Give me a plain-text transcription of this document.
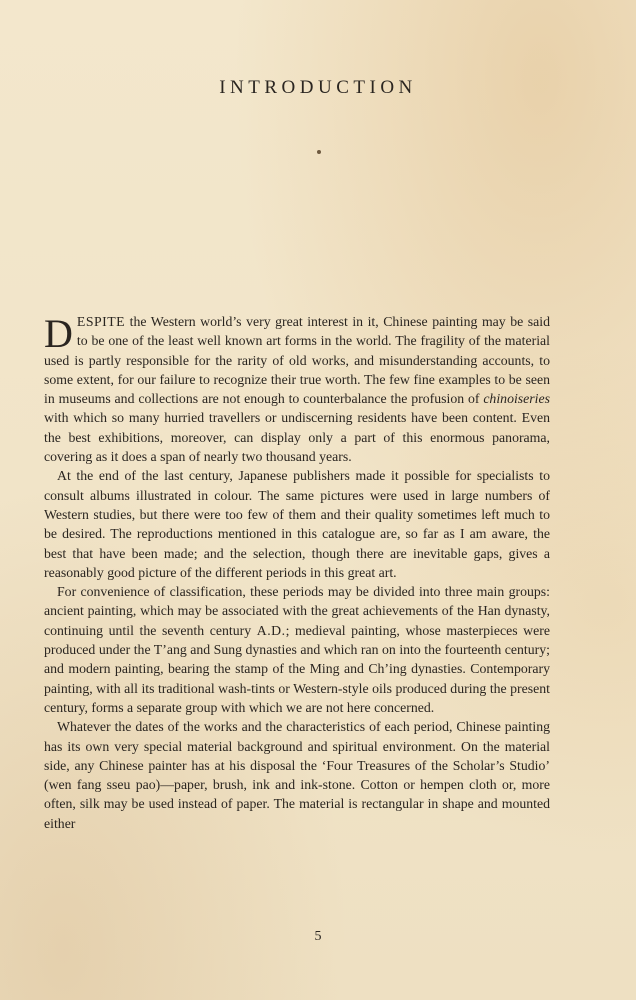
INTRODUCTION

DESPITE the Western world’s very great interest in it, Chinese painting may be said to be one of the least well known art forms in the world. The fragility of the material used is partly responsible for the rarity of old works, and misunderstanding accounts, to some extent, for our failure to recognize their true worth. The few fine examples to be seen in museums and collections are not enough to counterbalance the profusion of chinoiseries with which so many hurried travellers or undiscerning residents have been content. Even the best exhibitions, moreover, can display only a part of this enormous panorama, covering as it does a span of nearly two thousand years.

At the end of the last century, Japanese publishers made it possible for specialists to consult albums illustrated in colour. The same pictures were used in large numbers of Western studies, but there were too few of them and their quality sometimes left much to be desired. The reproductions mentioned in this catalogue are, so far as I am aware, the best that have been made; and the selection, though there are inevitable gaps, gives a reasonably good picture of the different periods in this great art.

For convenience of classification, these periods may be divided into three main groups: ancient painting, which may be associated with the great achievements of the Han dynasty, continuing until the seventh century A.D.; medieval painting, whose masterpieces were produced under the T’ang and Sung dynasties and which ran on into the fourteenth century; and modern painting, bearing the stamp of the Ming and Ch’ing dynasties. Contemporary painting, with all its traditional wash-tints or Western-style oils produced during the present century, forms a separate group with which we are not here concerned.

Whatever the dates of the works and the characteristics of each period, Chinese painting has its own very special material background and spiritual environment. On the material side, any Chinese painter has at his disposal the ‘Four Treasures of the Scholar’s Studio’ (wen fang sseu pao)—paper, brush, ink and ink-stone. Cotton or hempen cloth or, more often, silk may be used instead of paper. The material is rectangular in shape and mounted either

5
